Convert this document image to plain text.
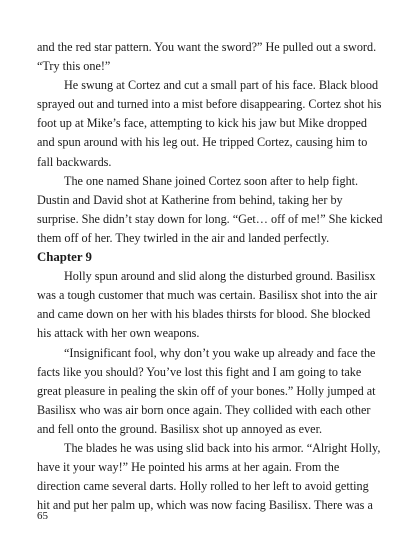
and the red star pattern. You want the sword?” He pulled out a sword. “Try this one!”

He swung at Cortez and cut a small part of his face. Black blood sprayed out and turned into a mist before disappearing. Cortez shot his foot up at Mike’s face, attempting to kick his jaw but Mike dropped and spun around with his leg out. He tripped Cortez, causing him to fall backwards.

The one named Shane joined Cortez soon after to help fight. Dustin and David shot at Katherine from behind, taking her by surprise. She didn’t stay down for long. “Get… off of me!” She kicked them off of her. They twirled in the air and landed perfectly.

Chapter 9

Holly spun around and slid along the disturbed ground. Basilisx was a tough customer that much was certain. Basilisx shot into the air and came down on her with his blades thirsts for blood. She blocked his attack with her own weapons.

“Insignificant fool, why don’t you wake up already and face the facts like you should? You’ve lost this fight and I am going to take great pleasure in pealing the skin off of your bones.” Holly jumped at Basilisx who was air born once again. They collided with each other and fell onto the ground. Basilisx shot up annoyed as ever.

The blades he was using slid back into his armor. “Alright Holly, have it your way!” He pointed his arms at her again. From the direction came several darts. Holly rolled to her left to avoid getting hit and put her palm up, which was now facing Basilisx. There was a

65
